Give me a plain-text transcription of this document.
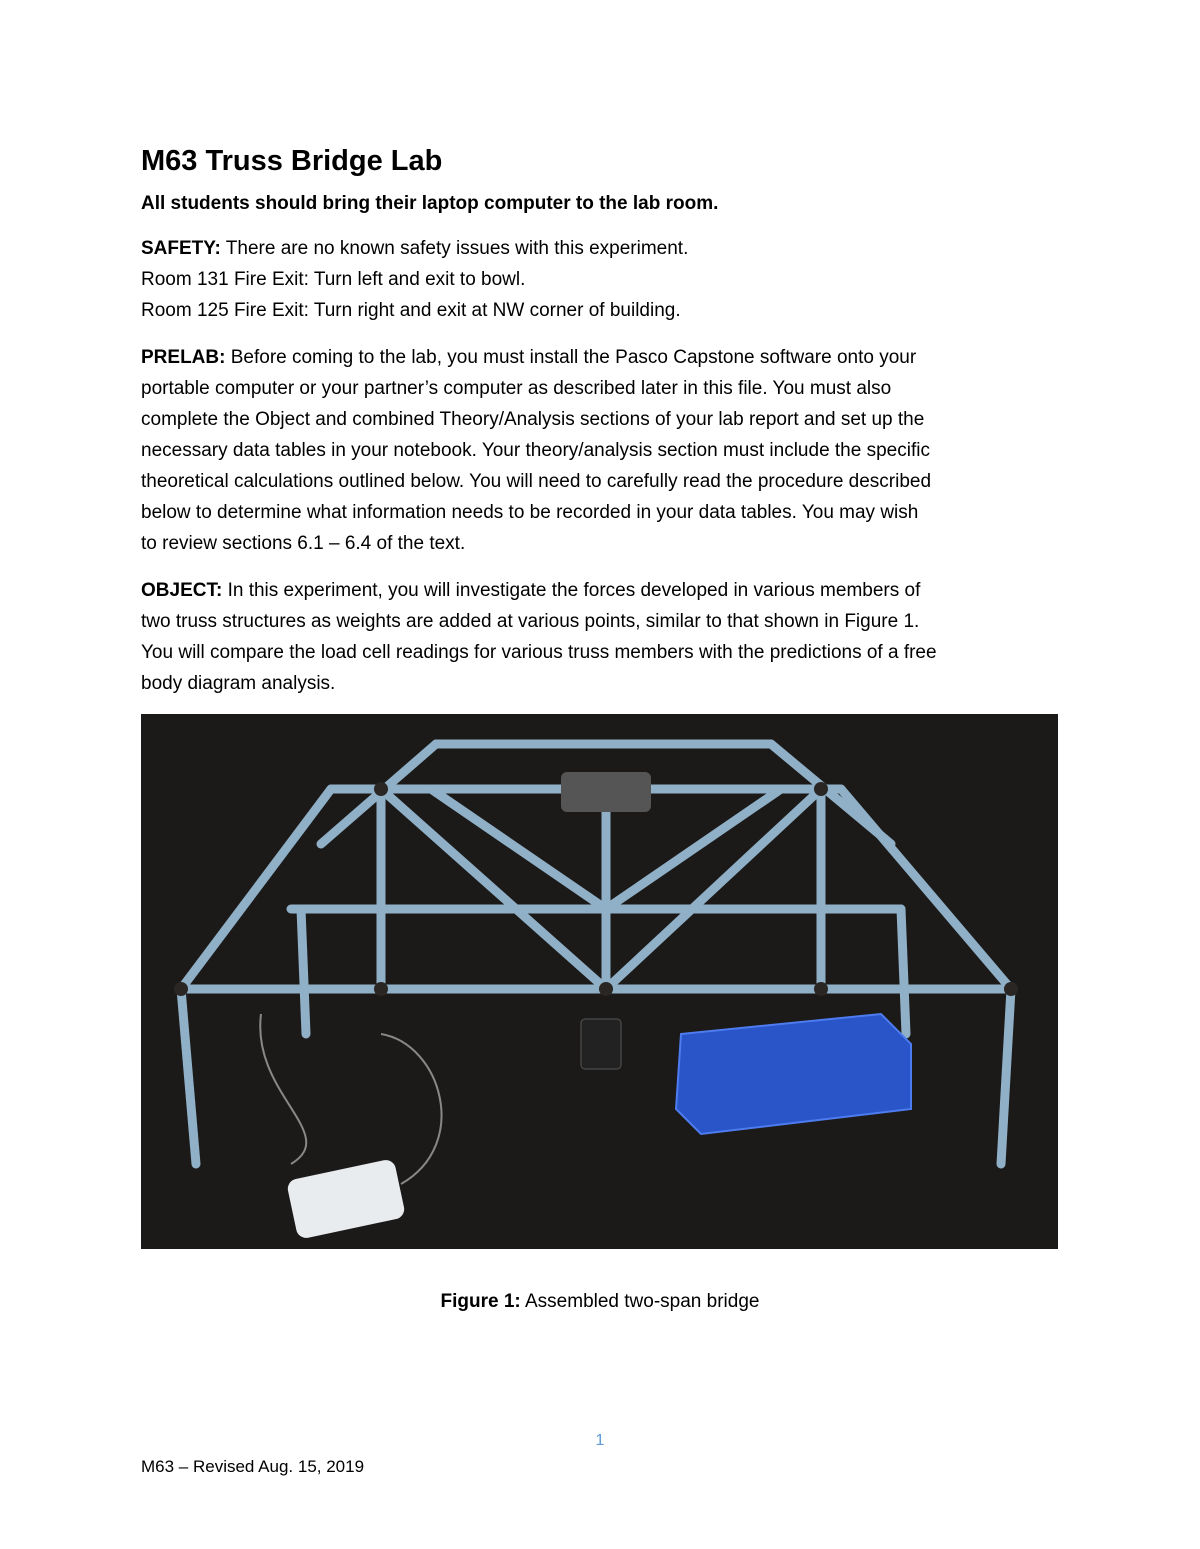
M63 Truss Bridge Lab
All students should bring their laptop computer to the lab room.
SAFETY: There are no known safety issues with this experiment.
Room 131 Fire Exit: Turn left and exit to bowl.
Room 125 Fire Exit: Turn right and exit at NW corner of building.
PRELAB: Before coming to the lab, you must install the Pasco Capstone software onto your
portable computer or your partner’s computer as described later in this file. You must also
complete the Object and combined Theory/Analysis sections of your lab report and set up the
necessary data tables in your notebook. Your theory/analysis section must include the specific
theoretical calculations outlined below. You will need to carefully read the procedure described
below to determine what information needs to be recorded in your data tables. You may wish
to review sections 6.1 – 6.4 of the text.
OBJECT: In this experiment, you will investigate the forces developed in various members of
two truss structures as weights are added at various points, similar to that shown in Figure 1.
You will compare the load cell readings for various truss members with the predictions of a free
body diagram analysis.
Figure 1: Assembled two-span bridge
1
M63 – Revised Aug. 15, 2019
